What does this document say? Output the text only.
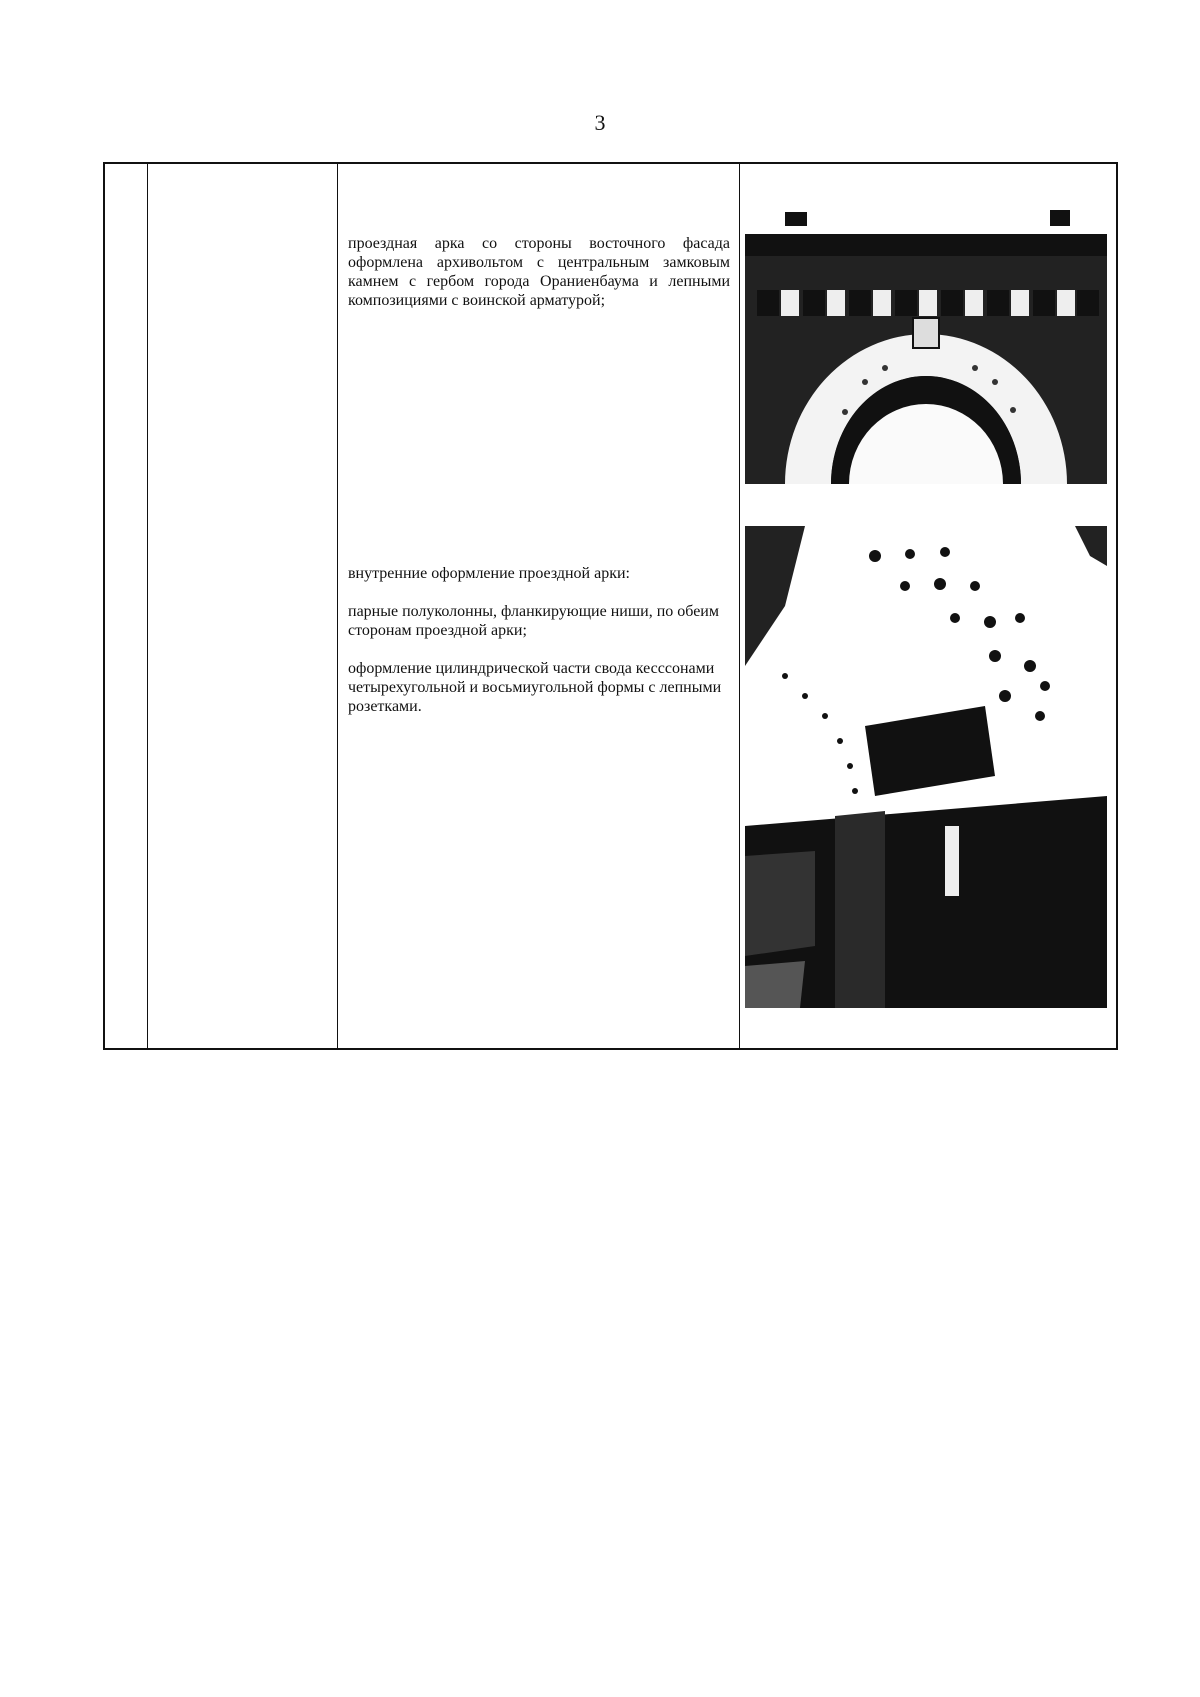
3
проездная арка со стороны восточного фасада оформлена архивольтом с центральным замковым камнем с гербом города Ораниенбаума и лепными композициями с воинской арматурой;

внутренние оформление проездной арки:

парные полуколонны, фланкирующие ниши, по обеим сторонам проездной арки;

оформление цилиндрической части свода кесссонами четырехугольной и восьмиугольной формы с лепными розетками.
